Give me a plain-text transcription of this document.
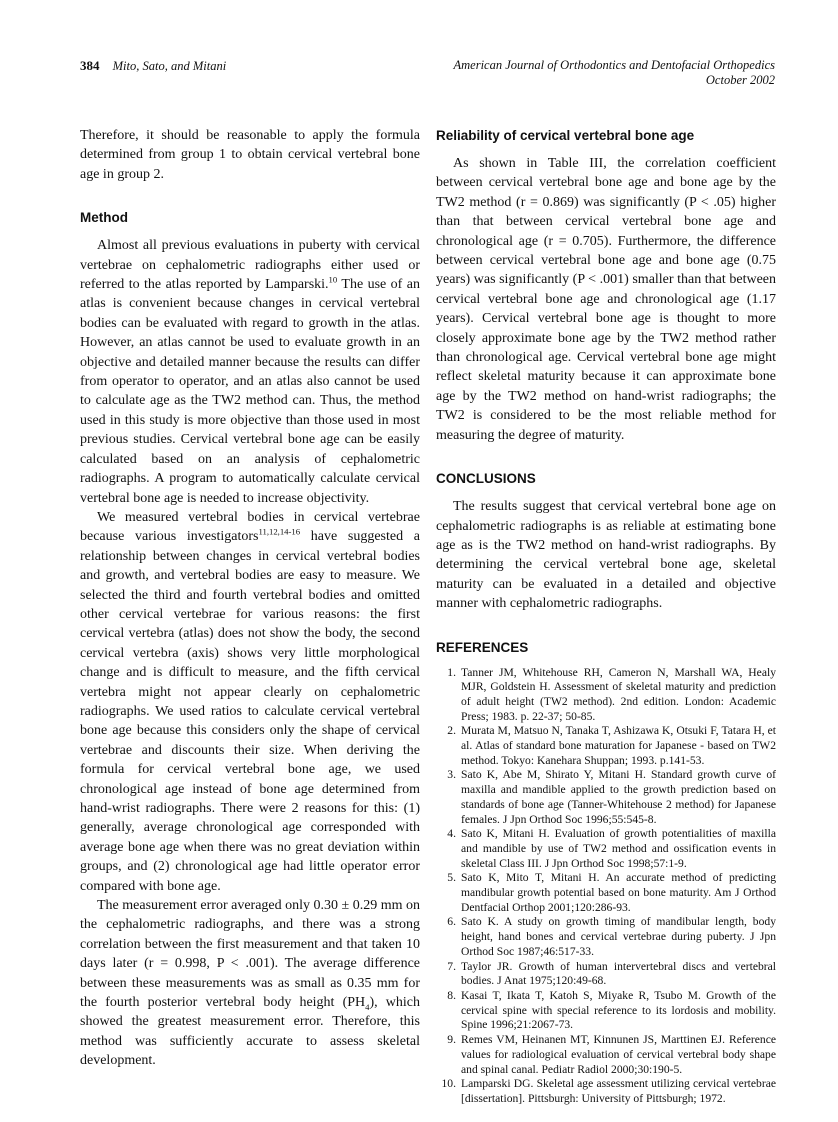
384 Mito, Sato, and Mitani	American Journal of Orthodontics and Dentofacial Orthopedics
October 2002

Therefore, it should be reasonable to apply the formula determined from group 1 to obtain cervical vertebral bone age in group 2.

Method

Almost all previous evaluations in puberty with cervical vertebrae on cephalometric radiographs either used or referred to the atlas reported by Lamparski.$^{10}$ The use of an atlas is convenient because changes in cervical vertebral bodies can be evaluated with regard to growth in the atlas. However, an atlas cannot be used to evaluate growth in an objective and detailed manner because the results can differ from operator to operator, and an atlas also cannot be used to calculate age as the TW2 method can. Thus, the method used in this study is more objective than those used in most previous studies. Cervical vertebral bone age can be easily calculated based on an analysis of cephalometric radiographs. A program to automatically calculate cervical vertebral bone age is needed to increase objectivity.

We measured vertebral bodies in cervical vertebrae because various investigators$^{11,12,14-16}$ have suggested a relationship between changes in cervical vertebral bodies and growth, and vertebral bodies are easy to measure. We selected the third and fourth vertebral bodies and omitted other cervical vertebrae for various reasons: the first cervical vertebra (atlas) does not show the body, the second cervical vertebra (axis) shows very little morphological change and is difficult to measure, and the fifth cervical vertebra might not appear clearly on cephalometric radiographs. We used ratios to calculate cervical vertebral bone age because this considers only the shape of cervical vertebrae and discounts their size. When deriving the formula for cervical vertebral bone age, we used chronological age instead of bone age determined from hand-wrist radiographs. There were 2 reasons for this: (1) generally, average chronological age corresponded with average bone age when there was no great deviation within groups, and (2) chronological age had little operator error compared with bone age.

The measurement error averaged only 0.30 ± 0.29 mm on the cephalometric radiographs, and there was a strong correlation between the first measurement and that taken 10 days later (r = 0.998, P < .001). The average difference between these measurements was as small as 0.35 mm for the fourth posterior vertebral body height $(PH_4)$, which showed the greatest measurement error. Therefore, this method was sufficiently accurate to assess skeletal development.

Reliability of cervical vertebral bone age

As shown in Table III, the correlation coefficient between cervical vertebral bone age and bone age by the TW2 method (r = 0.869) was significantly (P < .05) higher than that between cervical vertebral bone age and chronological age (r = 0.705). Furthermore, the difference between cervical vertebral bone age and bone age (0.75 years) was significantly (P < .001) smaller than that between cervical vertebral bone age and chronological age (1.17 years). Cervical vertebral bone age is thought to more closely approximate bone age by the TW2 method rather than chronological age. Cervical vertebral bone age might reflect skeletal maturity because it can approximate bone age by the TW2 method on hand-wrist radiographs; the TW2 is considered to be the most reliable method for measuring the degree of maturity.

CONCLUSIONS

The results suggest that cervical vertebral bone age on cephalometric radiographs is as reliable at estimating bone age as is the TW2 method on hand-wrist radiographs. By determining the cervical vertebral bone age, skeletal maturity can be evaluated in a detailed and objective manner with cephalometric radiographs.

REFERENCES
1. Tanner JM, Whitehouse RH, Cameron N, Marshall WA, Healy MJR, Goldstein H. Assessment of skeletal maturity and prediction of adult height (TW2 method). 2nd edition. London: Academic Press; 1983. p. 22-37; 50-85.
2. Murata M, Matsuo N, Tanaka T, Ashizawa K, Otsuki F, Tatara H, et al. Atlas of standard bone maturation for Japanese - based on TW2 method. Tokyo: Kanehara Shuppan; 1993. p.141-53.
3. Sato K, Abe M, Shirato Y, Mitani H. Standard growth curve of maxilla and mandible applied to the growth prediction based on standards of bone age (Tanner-Whitehouse 2 method) for Japanese females. J Jpn Orthod Soc 1996;55:545-8.
4. Sato K, Mitani H. Evaluation of growth potentialities of maxilla and mandible by use of TW2 method and ossification events in skeletal Class III. J Jpn Orthod Soc 1998;57:1-9.
5. Sato K, Mito T, Mitani H. An accurate method of predicting mandibular growth potential based on bone maturity. Am J Orthod Dentfacial Orthop 2001;120:286-93.
6. Sato K. A study on growth timing of mandibular length, body height, hand bones and cervical vertebrae during puberty. J Jpn Orthod Soc 1987;46:517-33.
7. Taylor JR. Growth of human intervertebral discs and vertebral bodies. J Anat 1975;120:49-68.
8. Kasai T, Ikata T, Katoh S, Miyake R, Tsubo M. Growth of the cervical spine with special reference to its lordosis and mobility. Spine 1996;21:2067-73.
9. Remes VM, Heinanen MT, Kinnunen JS, Marttinen EJ. Reference values for radiological evaluation of cervical vertebral body shape and spinal canal. Pediatr Radiol 2000;30:190-5.
10. Lamparski DG. Skeletal age assessment utilizing cervical vertebrae [dissertation]. Pittsburgh: University of Pittsburgh; 1972.
